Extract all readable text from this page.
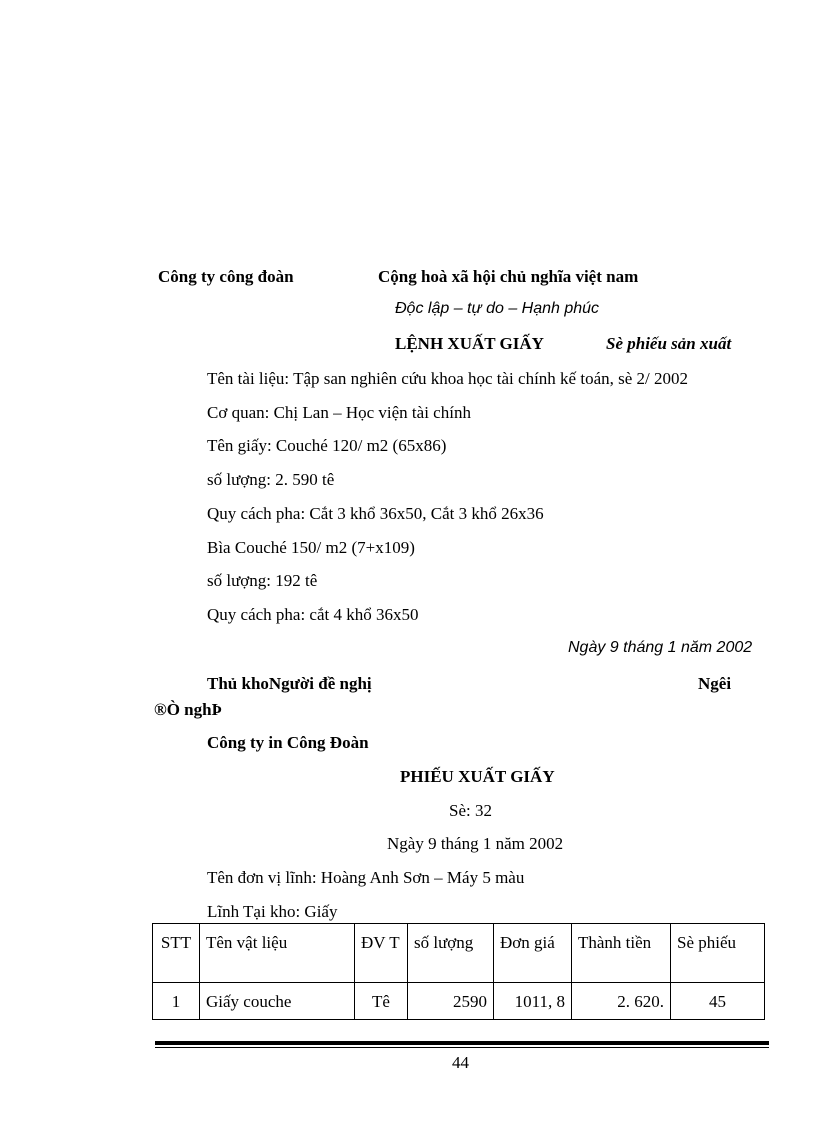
Công ty công đoàn	Cộng hoà xã hội chủ nghĩa việt nam
Độc lập – tự do – Hạnh phúc
LỆNH XUẤT GIẤY	Sè phiếu sản xuất
Tên tài liệu: Tập san nghiên cứu khoa học tài chính kế toán, sè 2/ 2002
Cơ quan: Chị Lan – Học viện tài chính
Tên giấy: Couché 120/ m2 (65x86)
số lượng: 2. 590 tê
Quy cách pha: Cắt 3 khổ 36x50, Cắt 3 khổ 26x36
Bìa Couché 150/ m2 (7+x109)
số lượng: 192 tê
Quy cách pha: cắt 4 khổ 36x50
Ngày 9 tháng 1 năm 2002
Thủ khoNgười đề nghị	Ngêi
®Ò nghÞ
Công ty in Công Đoàn
PHIẾU XUẤT GIẤY
Sè: 32
Ngày 9 tháng 1 năm 2002
Tên đơn vị lĩnh: Hoàng Anh Sơn – Máy 5 màu
Lĩnh Tại kho: Giấy
STT	Tên vật liệu	ĐV T	số lượng	Đơn giá	Thành tiền	Sè phiếu
1	Giấy couche	Tê	2590	1011, 8	2. 620.	45
44
